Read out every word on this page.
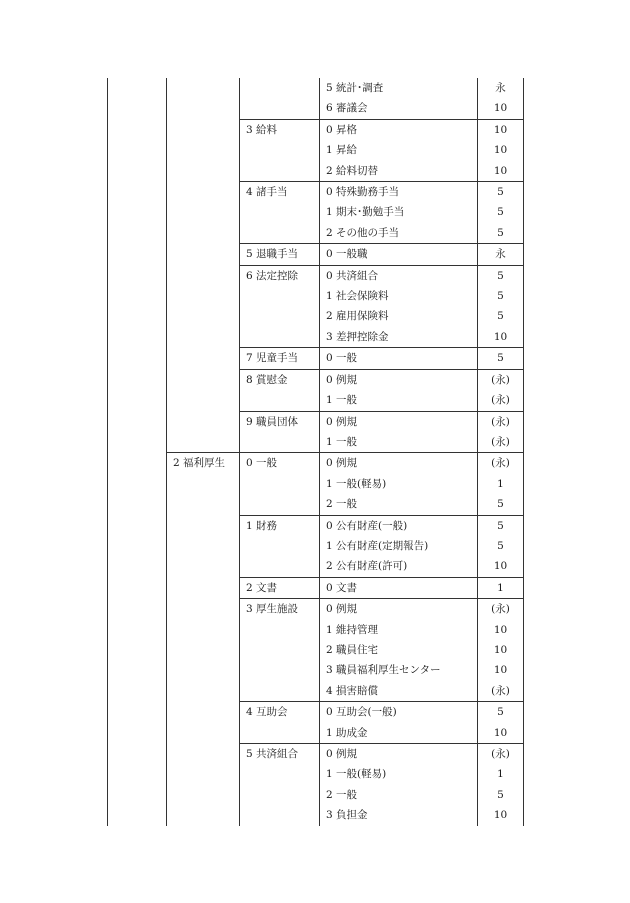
			5 統計･調査	永
			6 審議会	10
		3 給料	0 昇格	10
			1 昇給	10
			2 給料切替	10
		4 諸手当	0 特殊勤務手当	5
			1 期末･勤勉手当	5
			2 その他の手当	5
		5 退職手当	0 一般職	永
		6 法定控除	0 共済組合	5
			1 社会保険料	5
			2 雇用保険料	5
			3 差押控除金	10
		7 児童手当	0 一般	5
		8 賞慰金	0 例規	(永)
			1 一般	(永)
		9 職員団体	0 例規	(永)
			1 一般	(永)
	2 福利厚生	0 一般	0 例規	(永)
			1 一般(軽易)	1
			2 一般	5
		1 財務	0 公有財産(一般)	5
			1 公有財産(定期報告)	5
			2 公有財産(許可)	10
		2 文書	0 文書	1
		3 厚生施設	0 例規	(永)
			1 維持管理	10
			2 職員住宅	10
			3 職員福利厚生センター	10
			4 損害賠償	(永)
		4 互助会	0 互助会(一般)	5
			1 助成金	10
		5 共済組合	0 例規	(永)
			1 一般(軽易)	1
			2 一般	5
			3 負担金	10
